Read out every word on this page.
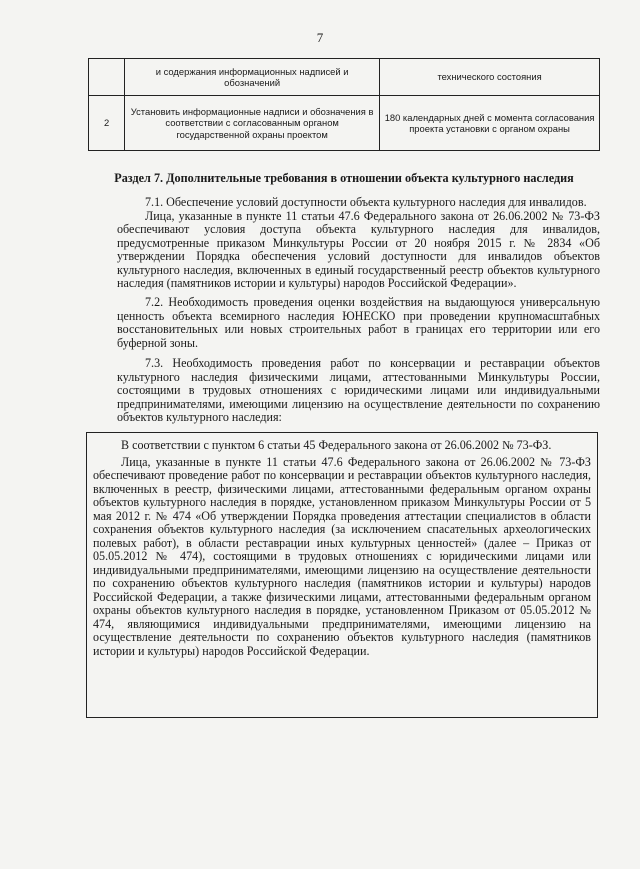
7
	и содержания информационных надписей и обозначений	технического состояния
2	Установить информационные надписи и обозначения в соответствии с согласованным органом государственной охраны проектом	180 календарных дней с момента согласования проекта установки с органом охраны
Раздел 7. Дополнительные требования в отношении объекта культурного наследия

7.1. Обеспечение условий доступности объекта культурного наследия для инвалидов.

Лица, указанные в пункте 11 статьи 47.6 Федерального закона от 26.06.2002 № 73-ФЗ обеспечивают условия доступа объекта культурного наследия для инвалидов, предусмотренные приказом Минкультуры России от 20 ноября 2015 г. № 2834 «Об утверждении Порядка обеспечения условий доступности для инвалидов объектов культурного наследия, включенных в единый государственный реестр объектов культурного наследия (памятников истории и культуры) народов Российской Федерации».

7.2. Необходимость проведения оценки воздействия на выдающуюся универсальную ценность объекта всемирного наследия ЮНЕСКО при проведении крупномасштабных восстановительных или новых строительных работ в границах его территории или его буферной зоны.

7.3. Необходимость проведения работ по консервации и реставрации объектов культурного наследия физическими лицами, аттестованными Минкультуры России, состоящими в трудовых отношениях с юридическими лицами или индивидуальными предпринимателями, имеющими лицензию на осуществление деятельности по сохранению объектов культурного наследия:

В соответствии с пунктом 6 статьи 45 Федерального закона от 26.06.2002 № 73-ФЗ.

Лица, указанные в пункте 11 статьи 47.6 Федерального закона от 26.06.2002 № 73-ФЗ обеспечивают проведение работ по консервации и реставрации объектов культурного наследия, включенных в реестр, физическими лицами, аттестованными федеральным органом охраны объектов культурного наследия в порядке, установленном приказом Минкультуры России от 5 мая 2012 г. № 474 «Об утверждении Порядка проведения аттестации специалистов в области сохранения объектов культурного наследия (за исключением спасательных археологических полевых работ), в области реставрации иных культурных ценностей» (далее – Приказ от 05.05.2012 № 474), состоящими в трудовых отношениях с юридическими лицами или индивидуальными предпринимателями, имеющими лицензию на осуществление деятельности по сохранению объектов культурного наследия (памятников истории и культуры) народов Российской Федерации, а также физическими лицами, аттестованными федеральным органом охраны объектов культурного наследия в порядке, установленном Приказом от 05.05.2012 № 474, являющимися индивидуальными предпринимателями, имеющими лицензию на осуществление деятельности по сохранению объектов культурного наследия (памятников истории и культуры) народов Российской Федерации.
